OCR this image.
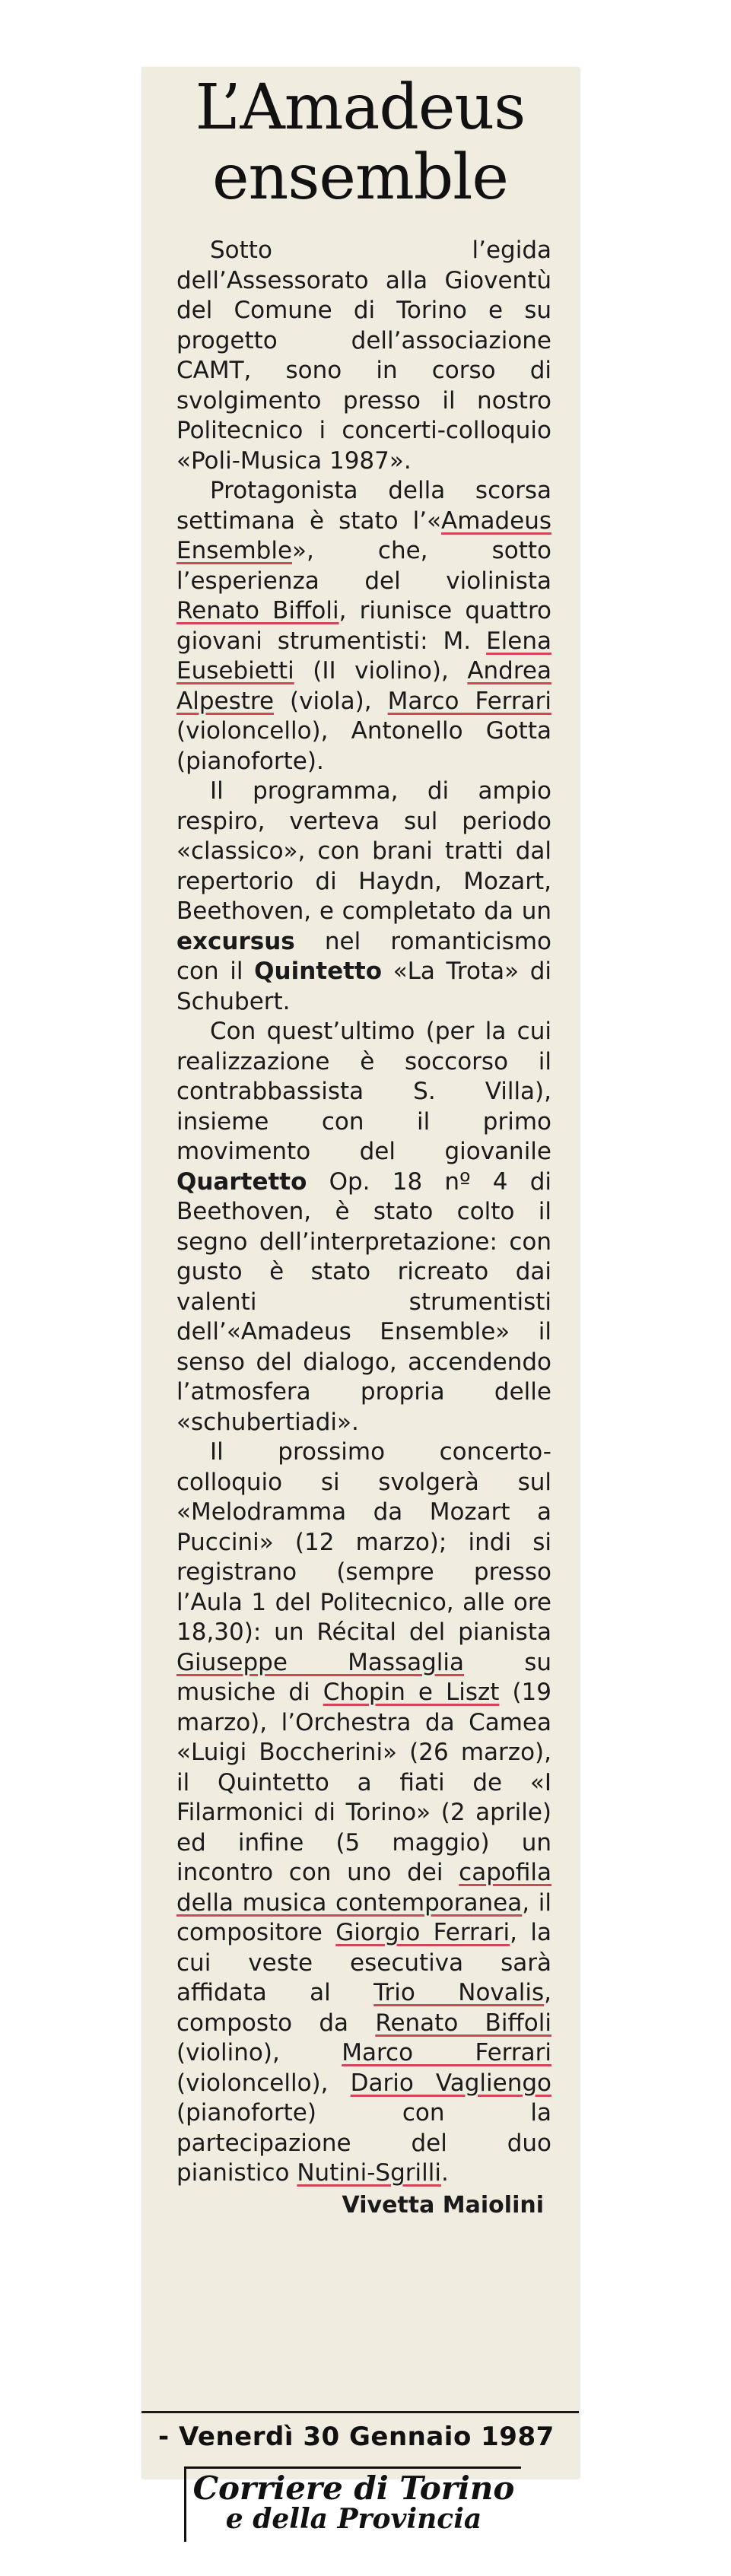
L’Amadeus
ensemble

Sotto l’egida dell’Assessorato alla Gioventù del Comune di Torino e su progetto dell’associazione CAMT, sono in corso di svolgimento presso il nostro Politecnico i concerti-colloquio «Poli-Musica 1987».

Protagonista della scorsa settimana è stato l’«Amadeus Ensemble», che, sotto l’esperienza del violinista Renato Biffoli, riunisce quattro giovani strumentisti: M. Elena Eusebietti (II violino), Andrea Alpestre (viola), Marco Ferrari (violoncello), Antonello Gotta (pianoforte).

Il programma, di ampio respiro, verteva sul periodo «classico», con brani tratti dal repertorio di Haydn, Mozart, Beethoven, e completato da un excursus nel romanticismo con il Quintetto «La Trota» di Schubert.

Con quest’ultimo (per la cui realizzazione è soccorso il contrabbassista S. Villa), insieme con il primo movimento del giovanile Quartetto Op. 18 nº 4 di Beethoven, è stato colto il segno dell’interpretazione: con gusto è stato ricreato dai valenti strumentisti dell’«Amadeus Ensemble» il senso del dialogo, accendendo l’atmosfera propria delle «schubertiadi».

Il prossimo concerto-colloquio si svolgerà sul «Melodramma da Mozart a Puccini» (12 marzo); indi si registrano (sempre presso l’Aula 1 del Politecnico, alle ore 18,30): un Récital del pianista Giuseppe Massaglia su musiche di Chopin e Liszt (19 marzo), l’Orchestra da Camea «Luigi Boccherini» (26 marzo), il Quintetto a fiati de «I Filarmonici di Torino» (2 aprile) ed infine (5 maggio) un incontro con uno dei capofila della musica contemporanea, il compositore Giorgio Ferrari, la cui veste esecutiva sarà affidata al Trio Novalis, composto da Renato Biffoli (violino), Marco Ferrari (violoncello), Dario Vagliengo (pianoforte) con la partecipazione del duo pianistico Nutini-Sgrilli.

Vivetta Maiolini

- Venerdì 30 Gennaio 1987
Corriere di Torino
e della Provincia
